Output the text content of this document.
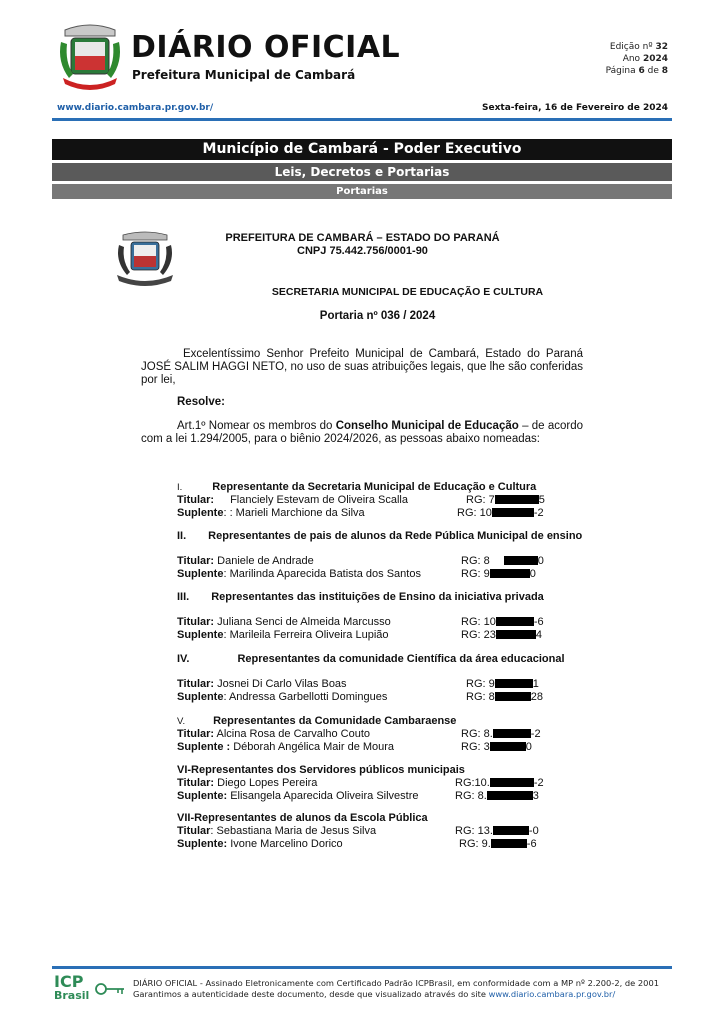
DIÁRIO OFICIAL
Prefeitura Municipal de Cambará
Edição nº 32
Ano 2024
Página 6 de 8
www.diario.cambara.pr.gov.br/	Sexta-feira, 16 de Fevereiro de 2024
Município de Cambará - Poder Executivo
Leis, Decretos e Portarias
Portarias
PREFEITURA DE CAMBARÁ – ESTADO DO PARANÁ
CNPJ 75.442.756/0001-90
SECRETARIA MUNICIPAL DE EDUCAÇÃO E CULTURA
Portaria nº 036 / 2024
Excelentíssimo Senhor Prefeito Municipal de Cambará, Estado do Paraná JOSÉ SALIM HAGGI NETO, no uso de suas atribuições legais, que lhe são conferidas por lei,
Resolve:
Art.1º Nomear os membros do Conselho Municipal de Educação – de acordo com a lei 1.294/2005, para o biênio 2024/2026, as pessoas abaixo nomeadas:
I.	Representante da Secretaria Municipal de Educação e Cultura
Titular: Flanciely Estevam de Oliveira Scalla	RG: 7	5
Suplente: : Marieli Marchione da Silva	RG: 10	-2
II. Representantes de pais de alunos da Rede Pública Municipal de ensino
Titular: Daniele de Andrade	RG: 8	0
Suplente: Marilinda Aparecida Batista dos Santos	RG: 9	0
III. Representantes das instituições de Ensino da iniciativa privada
Titular: Juliana Senci de Almeida Marcusso	RG: 10	-6
Suplente: Marileila Ferreira Oliveira Lupião	RG: 23	4
IV.	Representantes da comunidade Científica da área educacional
Titular: Josnei Di Carlo Vilas Boas	RG: 9	1
Suplente: Andressa Garbellotti Domingues	RG: 8	28
V.	Representantes da Comunidade Cambaraense
Titular: Alcina Rosa de Carvalho Couto	RG: 8.	-2
Suplente : Déborah Angélica Mair de Moura	RG: 3	0
VI-Representantes dos Servidores públicos municipais
Titular: Diego Lopes Pereira	RG:10.	-2
Suplente: Elisangela Aparecida Oliveira Silvestre	RG: 8.	3
VII-Representantes de alunos da Escola Pública
Titular: Sebastiana Maria de Jesus Silva	RG: 13.	-0
Suplente: Ivone Marcelino Dorico	RG: 9.	-6
ICP
Brasil
DIÁRIO OFICIAL - Assinado Eletronicamente com Certificado Padrão ICPBrasil, em conformidade com a MP nº 2.200-2, de 2001
Garantimos a autenticidade deste documento, desde que visualizado através do site www.diario.cambara.pr.gov.br/
